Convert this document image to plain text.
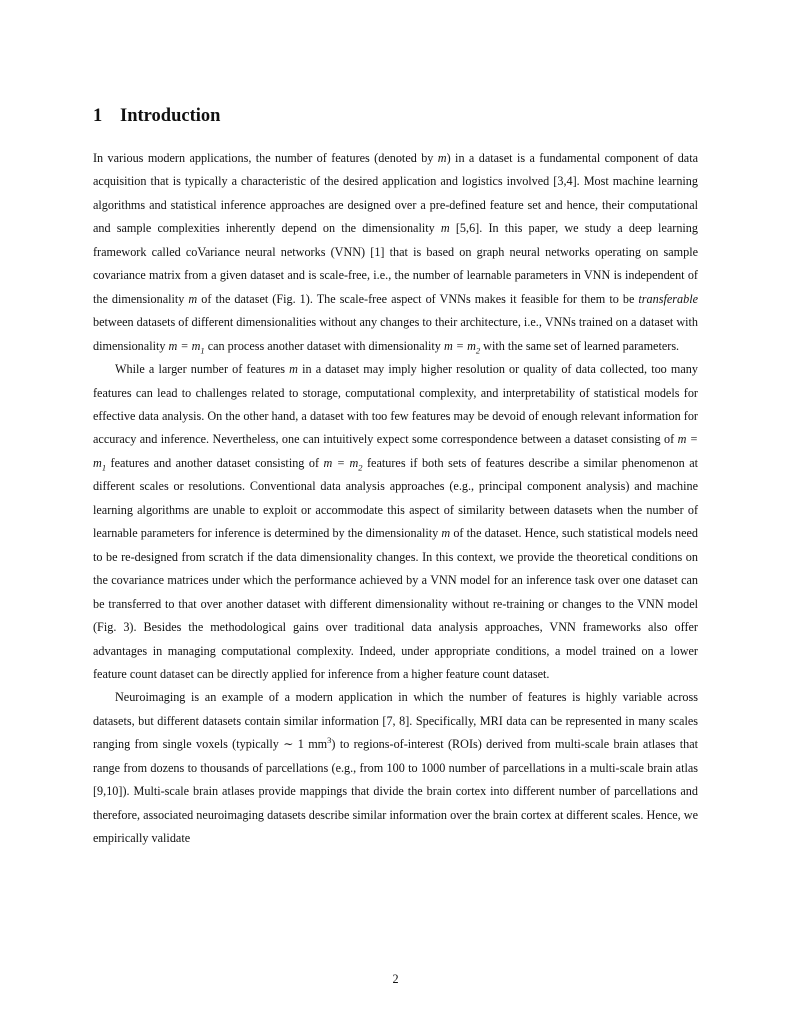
1 Introduction

In various modern applications, the number of features (denoted by m) in a dataset is a fundamental component of data acquisition that is typically a characteristic of the desired application and logistics involved [3,4]. Most machine learning algorithms and statistical inference approaches are designed over a pre-defined feature set and hence, their computational and sample complexities inherently depend on the dimensionality m [5,6]. In this paper, we study a deep learning framework called coVariance neural networks (VNN) [1] that is based on graph neural networks operating on sample covariance matrix from a given dataset and is scale-free, i.e., the number of learnable parameters in VNN is independent of the dimensionality m of the dataset (Fig. 1). The scale-free aspect of VNNs makes it feasible for them to be transferable between datasets of different dimensionalities without any changes to their architecture, i.e., VNNs trained on a dataset with dimensionality $m = m_1$ can process another dataset with dimensionality $m = m_2$ with the same set of learned parameters.

While a larger number of features m in a dataset may imply higher resolution or quality of data collected, too many features can lead to challenges related to storage, computational complexity, and interpretability of statistical models for effective data analysis. On the other hand, a dataset with too few features may be devoid of enough relevant information for accuracy and inference. Nevertheless, one can intuitively expect some correspondence between a dataset consisting of $m = m_1$ features and another dataset consisting of $m = m_2$ features if both sets of features describe a similar phenomenon at different scales or resolutions. Conventional data analysis approaches (e.g., principal component analysis) and machine learning algorithms are unable to exploit or accommodate this aspect of similarity between datasets when the number of learnable parameters for inference is determined by the dimensionality m of the dataset. Hence, such statistical models need to be re-designed from scratch if the data dimensionality changes. In this context, we provide the theoretical conditions on the covariance matrices under which the performance achieved by a VNN model for an inference task over one dataset can be transferred to that over another dataset with different dimensionality without re-training or changes to the VNN model (Fig. 3). Besides the methodological gains over traditional data analysis approaches, VNN frameworks also offer advantages in managing computational complexity. Indeed, under appropriate conditions, a model trained on a lower feature count dataset can be directly applied for inference from a higher feature count dataset.

Neuroimaging is an example of a modern application in which the number of features is highly variable across datasets, but different datasets contain similar information [7, 8]. Specifically, MRI data can be represented in many scales ranging from single voxels (typically ∼ 1 $mm^3$) to regions-of-interest (ROIs) derived from multi-scale brain atlases that range from dozens to thousands of parcellations (e.g., from 100 to 1000 number of parcellations in a multi-scale brain atlas [9,10]). Multi-scale brain atlases provide mappings that divide the brain cortex into different number of parcellations and therefore, associated neuroimaging datasets describe similar information over the brain cortex at different scales. Hence, we empirically validate

2
